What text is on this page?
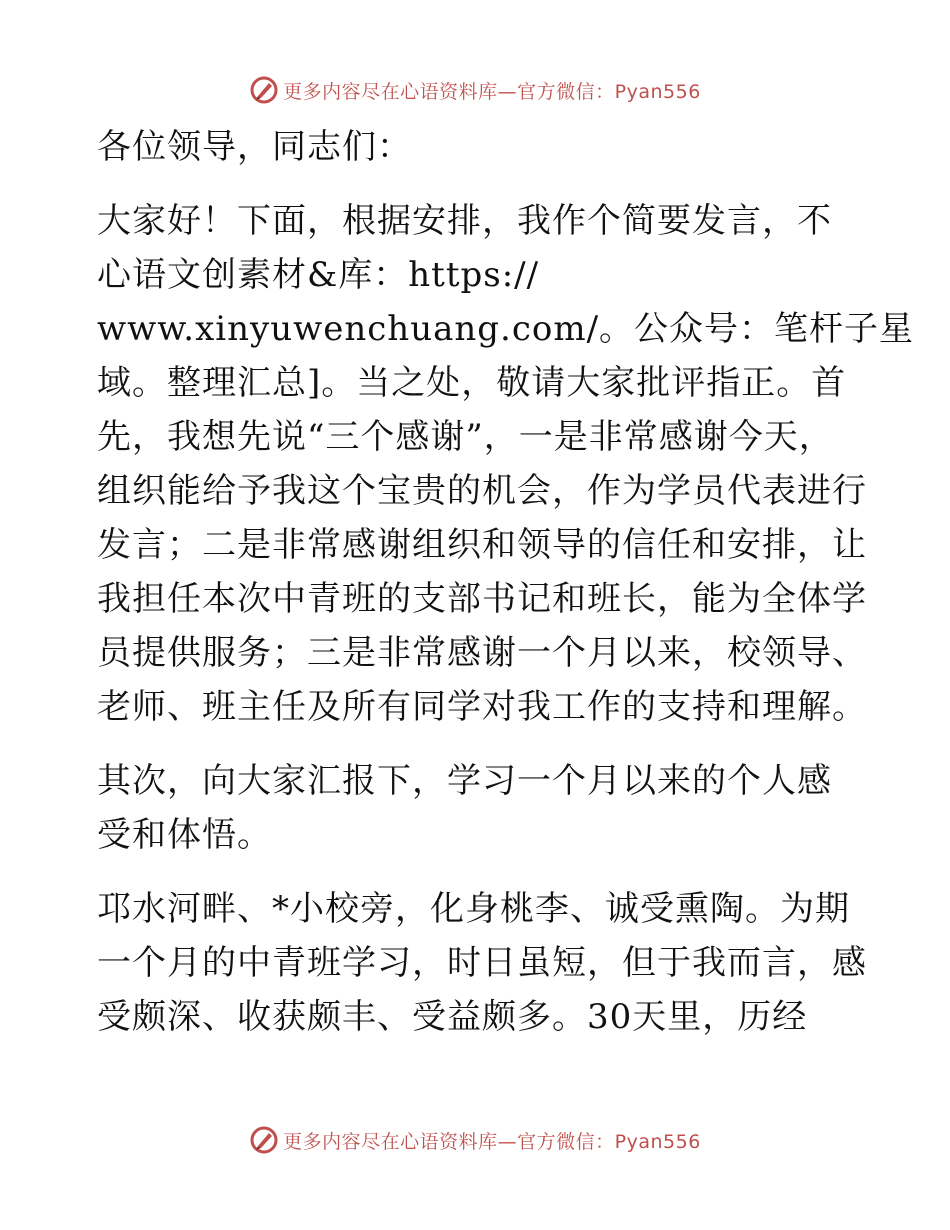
更多内容尽在心语资料库—官方微信：Pyan556
各位领导，同志们：
大家好！下面，根据安排，我作个简要发言，不
心语文创素材&库：https://
www.xinyuwenchuang.com/。公众号：笔杆子星
域。整理汇总]。当之处，敬请大家批评指正。首
先，我想先说“三个感谢”，一是非常感谢今天，
组织能给予我这个宝贵的机会，作为学员代表进行
发言；二是非常感谢组织和领导的信任和安排，让
我担任本次中青班的支部书记和班长，能为全体学
员提供服务；三是非常感谢一个月以来，校领导、
老师、班主任及所有同学对我工作的支持和理解。
其次，向大家汇报下，学习一个月以来的个人感
受和体悟。
邛水河畔、*小校旁，化身桃李、诚受熏陶。为期
一个月的中青班学习，时日虽短，但于我而言，感
受颇深、收获颇丰、受益颇多。30天里，历经
更多内容尽在心语资料库—官方微信：Pyan556
